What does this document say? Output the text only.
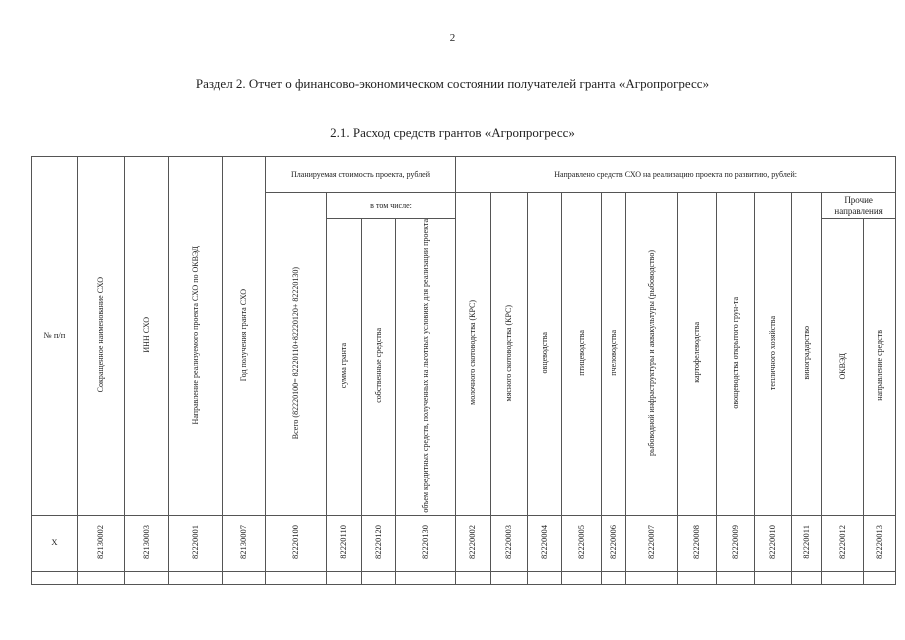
2
Раздел 2. Отчет о финансово-экономическом состоянии получателей гранта «Агропрогресс»
2.1. Расход средств грантов «Агропрогресс»
№ п/п	Сокращенное наименование СХО	ИНН СХО	Направление реализуемого проекта СХО по ОКВЭД	Год получения гранта СХО	Планируемая стоимость проекта, рублей				Направлено средств СХО на реализацию проекта по развитию, рублей:											
					Всего (82220100= 82220110+82220120+ 82220130)	в том числе:			молочного скотоводства (КРС)	мясного скотоводства (КРС)	овцеводства	птицеводства	пчеловодства	рыбоводной инфраструктуры и аквакультуры (рыбоводство)	картофелеводства	овощеводства открытого грун-та	тепличного хозяйства	виноградарство	Прочие направления	
						сумма гранта	собственные средства	объем кредитных средств, полученных на льготных условиях для реализации проекта											ОКВЭД	направление средств
Х	82130002	82130003	82220001	82130007	82220100	82220110	82220120	82220130	82220002	82220003	82220004	82220005	82220006	82220007	82220008	82220009	82220010	82220011	82220012	82220013
